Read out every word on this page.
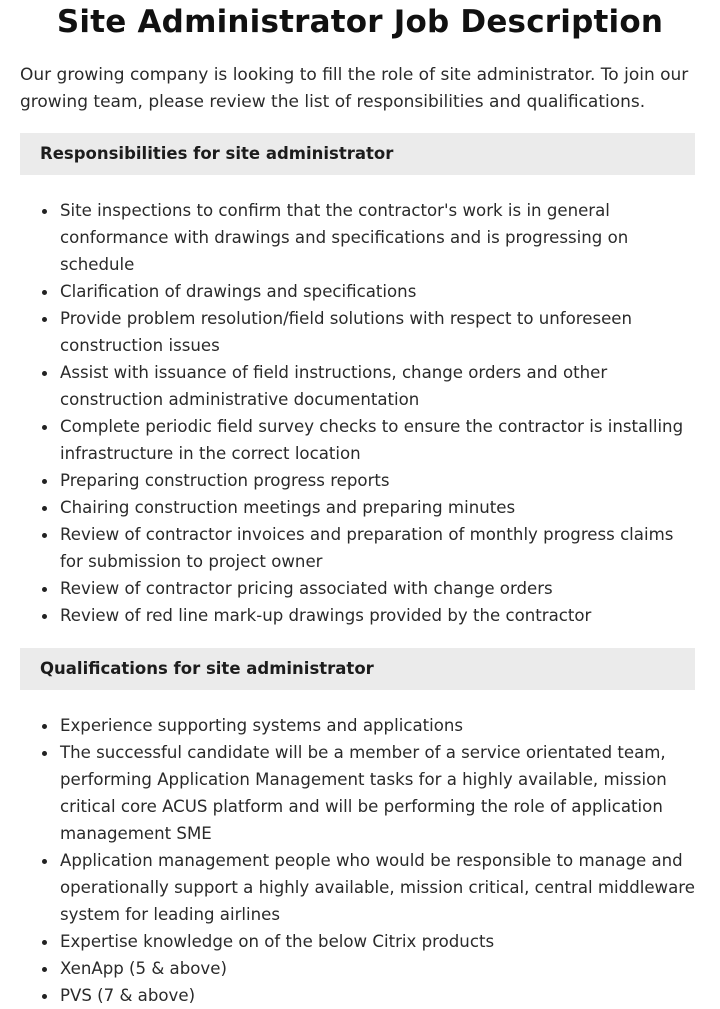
Site Administrator Job Description

Our growing company is looking to fill the role of site administrator. To join our growing team, please review the list of responsibilities and qualifications.

Responsibilities for site administrator
Site inspections to confirm that the contractor's work is in general conformance with drawings and specifications and is progressing on schedule
Clarification of drawings and specifications
Provide problem resolution/field solutions with respect to unforeseen construction issues
Assist with issuance of field instructions, change orders and other construction administrative documentation
Complete periodic field survey checks to ensure the contractor is installing infrastructure in the correct location
Preparing construction progress reports
Chairing construction meetings and preparing minutes
Review of contractor invoices and preparation of monthly progress claims for submission to project owner
Review of contractor pricing associated with change orders
Review of red line mark-up drawings provided by the contractor
Qualifications for site administrator
Experience supporting systems and applications
The successful candidate will be a member of a service orientated team, performing Application Management tasks for a highly available, mission critical core ACUS platform and will be performing the role of application management SME
Application management people who would be responsible to manage and operationally support a highly available, mission critical, central middleware system for leading airlines
Expertise knowledge on of the below Citrix products
XenApp (5 & above)
PVS (7 & above)
